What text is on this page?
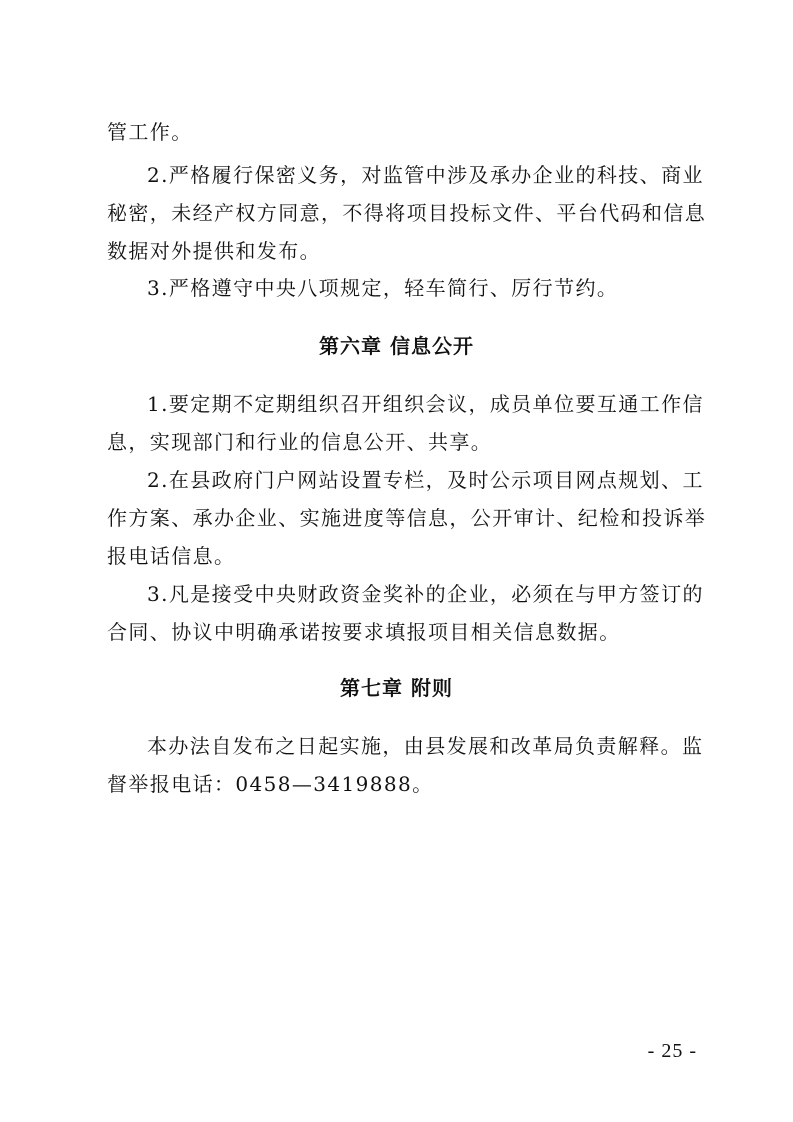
管工作。
2.严格履行保密义务，对监管中涉及承办企业的科技、商业
秘密，未经产权方同意，不得将项目投标文件、平台代码和信息
数据对外提供和发布。
3.严格遵守中央八项规定，轻车简行、厉行节约。
第六章 信息公开
1.要定期不定期组织召开组织会议，成员单位要互通工作信
息，实现部门和行业的信息公开、共享。
2.在县政府门户网站设置专栏，及时公示项目网点规划、工
作方案、承办企业、实施进度等信息，公开审计、纪检和投诉举
报电话信息。
3.凡是接受中央财政资金奖补的企业，必须在与甲方签订的
合同、协议中明确承诺按要求填报项目相关信息数据。
第七章 附则
本办法自发布之日起实施，由县发展和改革局负责解释。监
督举报电话：0458—3419888。
- 25 -
